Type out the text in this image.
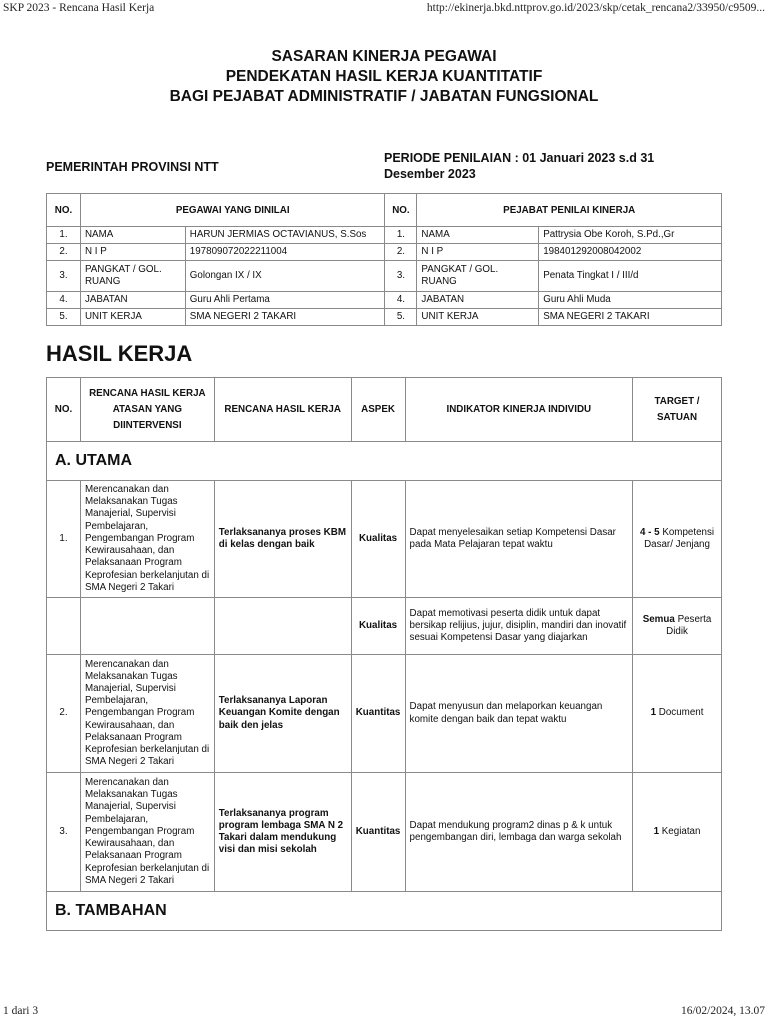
SKP 2023 - Rencana Hasil Kerja	http://ekinerja.bkd.nttprov.go.id/2023/skp/cetak_rencana2/33950/c9509...
SASARAN KINERJA PEGAWAI
PENDEKATAN HASIL KERJA KUANTITATIF
BAGI PEJABAT ADMINISTRATIF / JABATAN FUNGSIONAL
PEMERINTAH PROVINSI NTT
PERIODE PENILAIAN : 01 Januari 2023 s.d 31 Desember 2023
NO.	PEGAWAI YANG DINILAI		NO.	PEJABAT PENILAI KINERJA	
1.	NAMA	HARUN JERMIAS OCTAVIANUS, S.Sos	1.	NAMA	Pattrysia Obe Koroh, S.Pd.,Gr
2.	N I P	197809072022211004	2.	N I P	198401292008042002
3.	PANGKAT / GOL. RUANG	Golongan IX / IX	3.	PANGKAT / GOL. RUANG	Penata Tingkat I / III/d
4.	JABATAN	Guru Ahli Pertama	4.	JABATAN	Guru Ahli Muda
5.	UNIT KERJA	SMA NEGERI 2 TAKARI	5.	UNIT KERJA	SMA NEGERI 2 TAKARI
HASIL KERJA
NO.	RENCANA HASIL KERJA ATASAN YANG DIINTERVENSI	RENCANA HASIL KERJA	ASPEK	INDIKATOR KINERJA INDIVIDU	TARGET / SATUAN
A. UTAMA					
1.	Merencanakan dan Melaksanakan Tugas Manajerial, Supervisi Pembelajaran, Pengembangan Program Kewirausahaan, dan Pelaksanaan Program Keprofesian berkelanjutan di SMA Negeri 2 Takari	Terlaksananya proses KBM di kelas dengan baik	Kualitas	Dapat menyelesaikan setiap Kompetensi Dasar pada Mata Pelajaran tepat waktu	4 - 5 Kompetensi Dasar/ Jenjang
			Kualitas	Dapat memotivasi peserta didik untuk dapat bersikap relijius, jujur, disiplin, mandiri dan inovatif sesuai Kompetensi Dasar yang diajarkan	Semua Peserta Didik
2.	Merencanakan dan Melaksanakan Tugas Manajerial, Supervisi Pembelajaran, Pengembangan Program Kewirausahaan, dan Pelaksanaan Program Keprofesian berkelanjutan di SMA Negeri 2 Takari	Terlaksananya Laporan Keuangan Komite dengan baik den jelas	Kuantitas	Dapat menyusun dan melaporkan keuangan komite dengan baik dan tepat waktu	1 Document
3.	Merencanakan dan Melaksanakan Tugas Manajerial, Supervisi Pembelajaran, Pengembangan Program Kewirausahaan, dan Pelaksanaan Program Keprofesian berkelanjutan di SMA Negeri 2 Takari	Terlaksananya program program lembaga SMA N 2 Takari dalam mendukung visi dan misi sekolah	Kuantitas	Dapat mendukung program2 dinas p & k untuk pengembangan diri, lembaga dan warga sekolah	1 Kegiatan
B. TAMBAHAN					
1 dari 3	16/02/2024, 13.07
